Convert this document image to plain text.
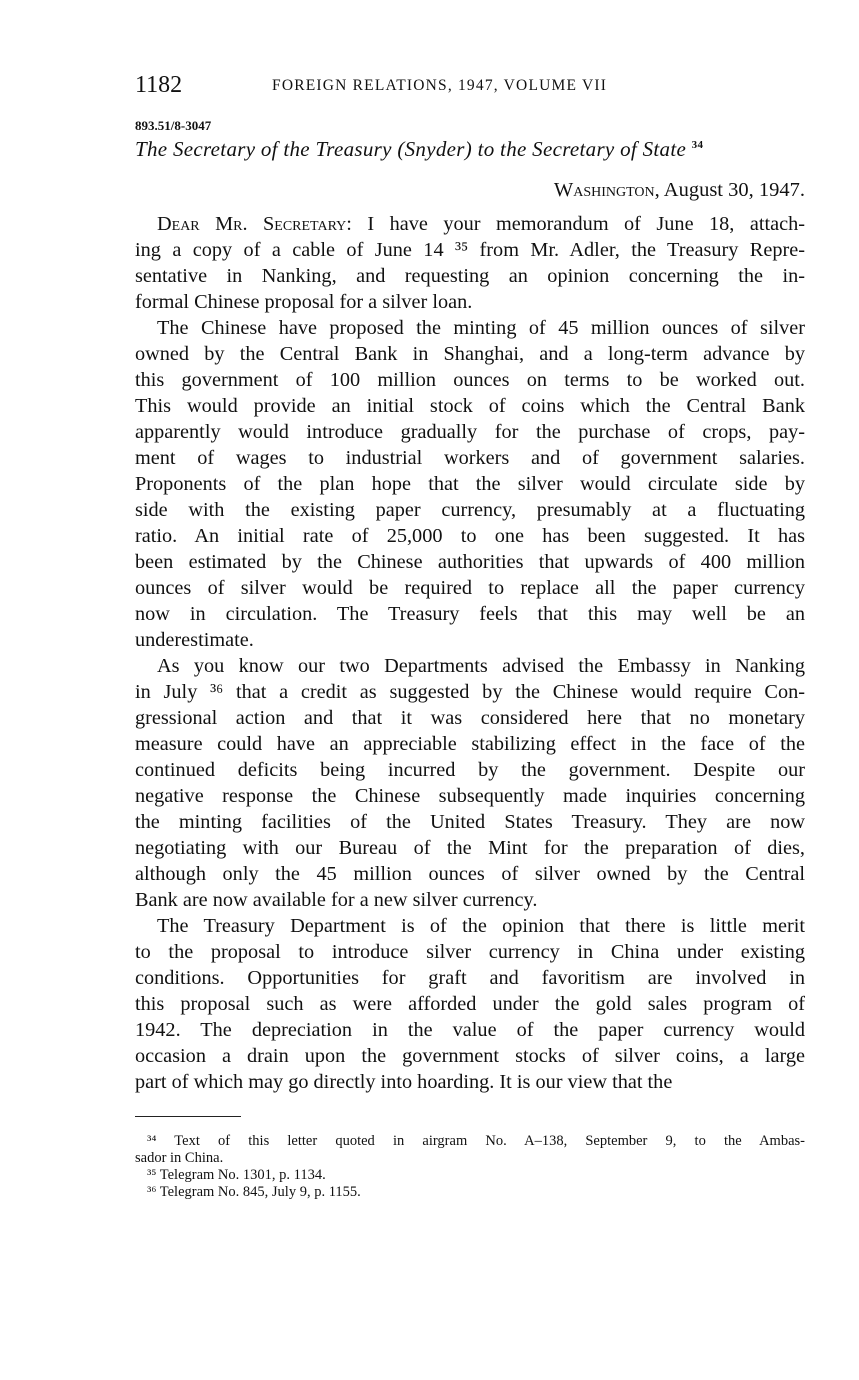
1182	FOREIGN RELATIONS, 1947, VOLUME VII
893.51/8-3047
The Secretary of the Treasury (Snyder) to the Secretary of State $^{34}$
Washington, August 30, 1947.
Dear Mr. Secretary: I have your memorandum of June 18, attach-
ing a copy of a cable of June 14 ³⁵ from Mr. Adler, the Treasury Repre-
sentative in Nanking, and requesting an opinion concerning the in-
formal Chinese proposal for a silver loan.
The Chinese have proposed the minting of 45 million ounces of silver
owned by the Central Bank in Shanghai, and a long-term advance by
this government of 100 million ounces on terms to be worked out.
This would provide an initial stock of coins which the Central Bank
apparently would introduce gradually for the purchase of crops, pay-
ment of wages to industrial workers and of government salaries.
Proponents of the plan hope that the silver would circulate side by
side with the existing paper currency, presumably at a fluctuating
ratio. An initial rate of 25,000 to one has been suggested. It has
been estimated by the Chinese authorities that upwards of 400 million
ounces of silver would be required to replace all the paper currency
now in circulation. The Treasury feels that this may well be an
underestimate.
As you know our two Departments advised the Embassy in Nanking
in July ³⁶ that a credit as suggested by the Chinese would require Con-
gressional action and that it was considered here that no monetary
measure could have an appreciable stabilizing effect in the face of the
continued deficits being incurred by the government. Despite our
negative response the Chinese subsequently made inquiries concerning
the minting facilities of the United States Treasury. They are now
negotiating with our Bureau of the Mint for the preparation of dies,
although only the 45 million ounces of silver owned by the Central
Bank are now available for a new silver currency.
The Treasury Department is of the opinion that there is little merit
to the proposal to introduce silver currency in China under existing
conditions. Opportunities for graft and favoritism are involved in
this proposal such as were afforded under the gold sales program of
1942. The depreciation in the value of the paper currency would
occasion a drain upon the government stocks of silver coins, a large
part of which may go directly into hoarding. It is our view that the
³⁴ Text of this letter quoted in airgram No. A–138, September 9, to the Ambas-
sador in China.
³⁵ Telegram No. 1301, p. 1134.
³⁶ Telegram No. 845, July 9, p. 1155.
